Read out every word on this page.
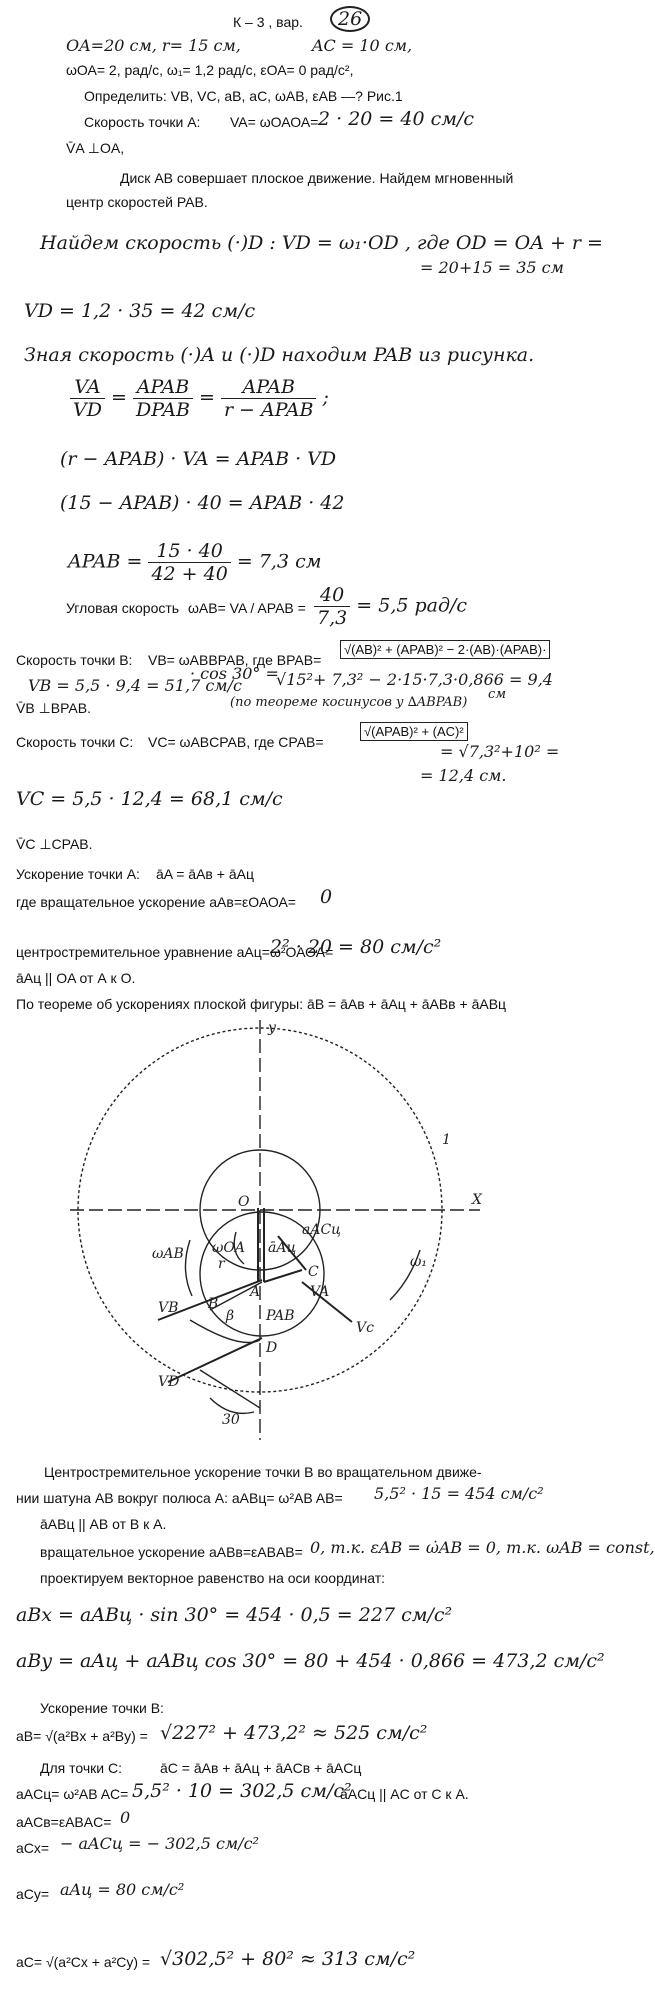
К – 3 , вар.	26
OA=20 см, r= 15 см,	AC = 10 см,
ωОА= 2, рад/с, ω₁= 1,2 рад/с, εОА= 0 рад/с²,
Определить: VB, VC, aB, aC, ωAB, εAB —? Рис.1
Скорость точки А: VA= ωОАОА= 2 · 20 = 40 см/с
V̄A ⊥OA,
Диск AB совершает плоское движение. Найдем мгновенный
центр скоростей PAB.
Найдем скорость (·)D : VD = ω₁·OD , где OD = OA + r =
= 20+15 = 35 см
VD = 1,2 · 35 = 42 см/с
Зная скорость (·)A и (·)D находим PAB из рисунка.
$\frac{VA}{VD} = \frac{\text{APAB}}{\text{DPAB}} = \frac{\text{APAB}}{\text{r − APAB}}$ ;
(r − APAB) · VA = APAB · VD
(15 − APAB) · 40 = APAB · 42
APAB = $\frac{15 \cdot 40}{42 + 40} = 7,3$ см
Угловая скорость ωAB= VA / APAB = $\frac{40}{7,3} = 5,5$ рад/с
Скорость точки В: VB= ωABBPAB, где BPAB=
√(AB)² + (APAB)² − 2·(AB)·(APAB)·
VB = 5,5 · 9,4 = 51,7 см/с
· cos 30° =
√15²+ 7,3² − 2·15·7,3·0,866 = 9,4
(по теореме косинусов у ∆ABPAB)
см
V̄B ⊥BPAB.
Скорость точки С: VC= ωABCPAB, где CPAB=
√(APAB)² + (AC)²
= √7,3²+10² =
= 12,4 см.
VC = 5,5 · 12,4 = 68,1 см/с
V̄C ⊥CPAB.
Ускорение точки А: āA = āAв + āAц
где вращательное ускорение aAв=εОАОА= 0
центростремительное уравнение aAц=ω²ОАОА=
2² · 20 = 80 см/с²
āAц || OA от А к О.
По теореме об ускорениях плоской фигуры: āB = āAв + āAц + āABв + āABц
y
X
O
1
A
B
C
D
PAB
r
ωOA
ωAB	ω₁
VB
VD
Vc
VA
āAц
aACц
β
30
Центростремительное ускорение точки В во вращательном движе-
нии шатуна АВ вокруг полюса А: aABц= ω²AB AB= 5,5² · 15 = 454 см/с²
āABц || AB от В к А.
вращательное ускорение aABв=εABAB= 0, т.к. εAB = ω̇AB = 0, т.к. ωAB = const,
проектируем векторное равенство на оси координат:
aBx = aABц · sin 30° = 454 · 0,5 = 227 см/с²
aBy = aAц + aABц cos 30° = 80 + 454 · 0,866 = 473,2 см/с²
Ускорение точки В:
aB= √(a²Bx + a²By) = √227² + 473,2² ≈ 525 см/с²
Для точки С:	āC = āAв + āAц + āACв + āACц
aACц= ω²AB AC= 5,5² · 10 = 302,5 см/с²
āACц || AC от С к А.
aACв=εABAC= 0
aCx= − aACц = − 302,5 см/с²
aCy= aAц = 80 см/с²
aC= √(a²Cx + a²Cy) = √302,5² + 80² ≈ 313 см/с²
